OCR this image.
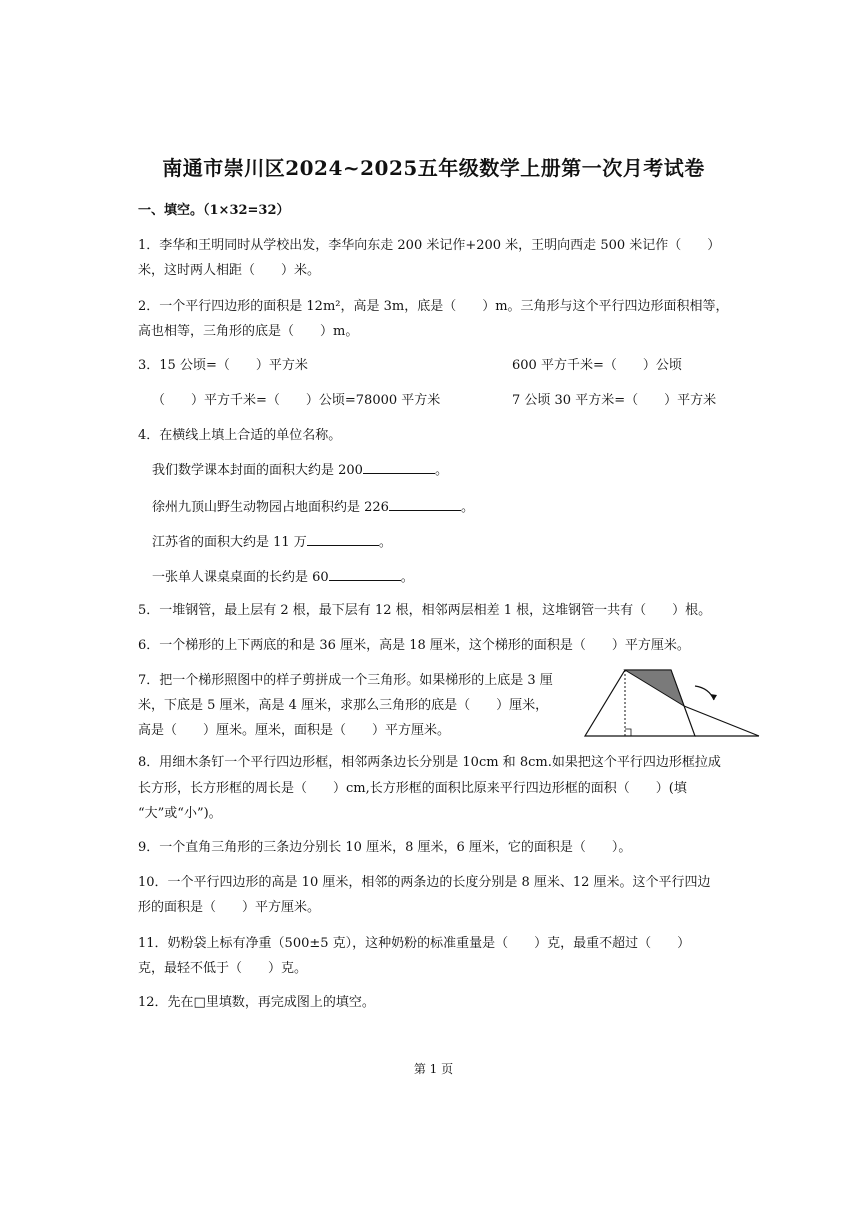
南通市崇川区2024~2025五年级数学上册第一次月考试卷
一、填空。（1×32=32）
1．李华和王明同时从学校出发，李华向东走 200 米记作+200 米，王明向西走 500 米记作（　　）
米，这时两人相距（　　）米。
2．一个平行四边形的面积是 12m²，高是 3m，底是（　　）m。三角形与这个平行四边形面积相等，
高也相等，三角形的底是（　　）m。
3．15 公顷=（　　）平方米	600 平方千米=（　　）公顷
（　　）平方千米=（　　）公顷=78000 平方米	7 公顷 30 平方米=（　　）平方米
4．在横线上填上合适的单位名称。
我们数学课本封面的面积大约是 200	。
徐州九顶山野生动物园占地面积约是 226	。
江苏省的面积大约是 11 万	。
一张单人课桌桌面的长约是 60	。
5．一堆钢管，最上层有 2 根，最下层有 12 根，相邻两层相差 1 根，这堆钢管一共有（　　）根。
6．一个梯形的上下两底的和是 36 厘米，高是 18 厘米，这个梯形的面积是（　　）平方厘米。
7．把一个梯形照图中的样子剪拼成一个三角形。如果梯形的上底是 3 厘
米，下底是 5 厘米，高是 4 厘米，求那么三角形的底是（　　）厘米，
高是（　　）厘米。厘米，面积是（　　）平方厘米。
8．用细木条钉一个平行四边形框，相邻两条边长分别是 10cm 和 8cm.如果把这个平行四边形框拉成
长方形，长方形框的周长是（　　）cm,长方形框的面积比原来平行四边形框的面积（　　）(填
“大”或“小”)。
9．一个直角三角形的三条边分别长 10 厘米，8 厘米，6 厘米，它的面积是（　　）。
10．一个平行四边形的高是 10 厘米，相邻的两条边的长度分别是 8 厘米、12 厘米。这个平行四边
形的面积是（　　）平方厘米。
11．奶粉袋上标有净重（500±5 克），这种奶粉的标准重量是（　　）克，最重不超过（　　）
克，最轻不低于（　　）克。
12．先在□里填数，再完成图上的填空。
第 1 页
